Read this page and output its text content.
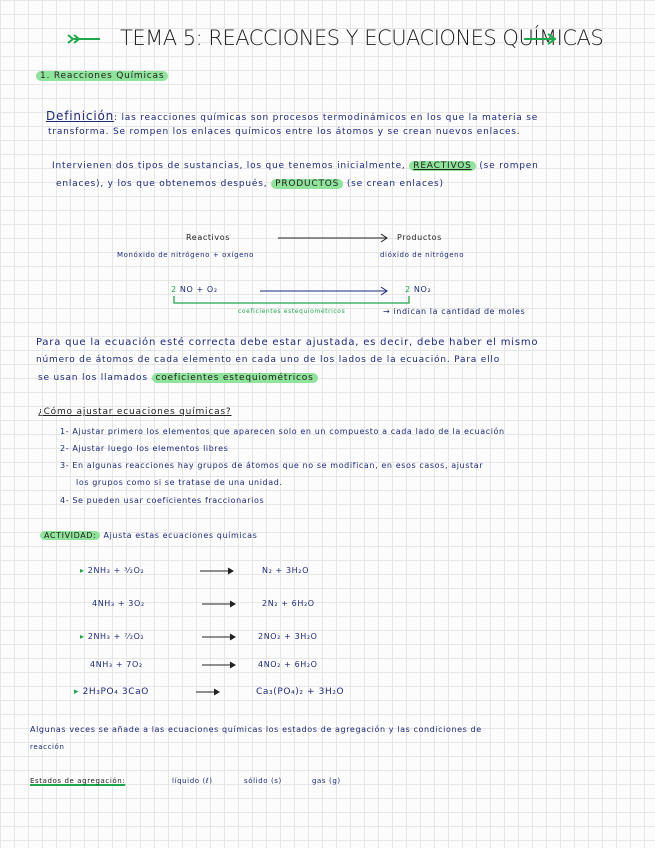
TEMA 5: REACCIONES Y ECUACIONES QUÍMICAS
1. Reacciones Químicas
Definición: las reacciones químicas son procesos termodinámicos en los que la materia se
transforma. Se rompen los enlaces químicos entre los átomos y se crean nuevos enlaces.
Intervienen dos tipos de sustancias, los que tenemos inicialmente, REACTIVOS (se rompen
enlaces), y los que obtenemos después, PRODUCTOS (se crean enlaces)
Reactivos	Productos
Monóxido de nitrógeno + oxígeno	dióxido de nitrógeno
2 NO + O₂	2 NO₂
coeficientes estequiométricos	→ indican la cantidad de moles
Para que la ecuación esté correcta debe estar ajustada, es decir, debe haber el mismo
número de átomos de cada elemento en cada uno de los lados de la ecuación. Para ello
se usan los llamados coeficientes estequiométricos
¿Cómo ajustar ecuaciones químicas?
1- Ajustar primero los elementos que aparecen solo en un compuesto a cada lado de la ecuación
2- Ajustar luego los elementos libres
3- En algunas reacciones hay grupos de átomos que no se modifican, en esos casos, ajustar
los grupos como si se tratase de una unidad.
4- Se pueden usar coeficientes fraccionarios
ACTIVIDAD: Ajusta estas ecuaciones químicas
▸ 2NH₃ + ³⁄₂O₂	N₂ + 3H₂O
4NH₃ + 3O₂	2N₂ + 6H₂O
▸ 2NH₃ + ⁷⁄₂O₂	2NO₂ + 3H₂O
4NH₃ + 7O₂	4NO₂ + 6H₂O
▸ 2H₃PO₄ 3CaO	Ca₃(PO₄)₂ + 3H₂O
Algunas veces se añade a las ecuaciones químicas los estados de agregación y las condiciones de
reacción
Estados de agregación:	líquido (ℓ)	sólido (s)	gas (g)
